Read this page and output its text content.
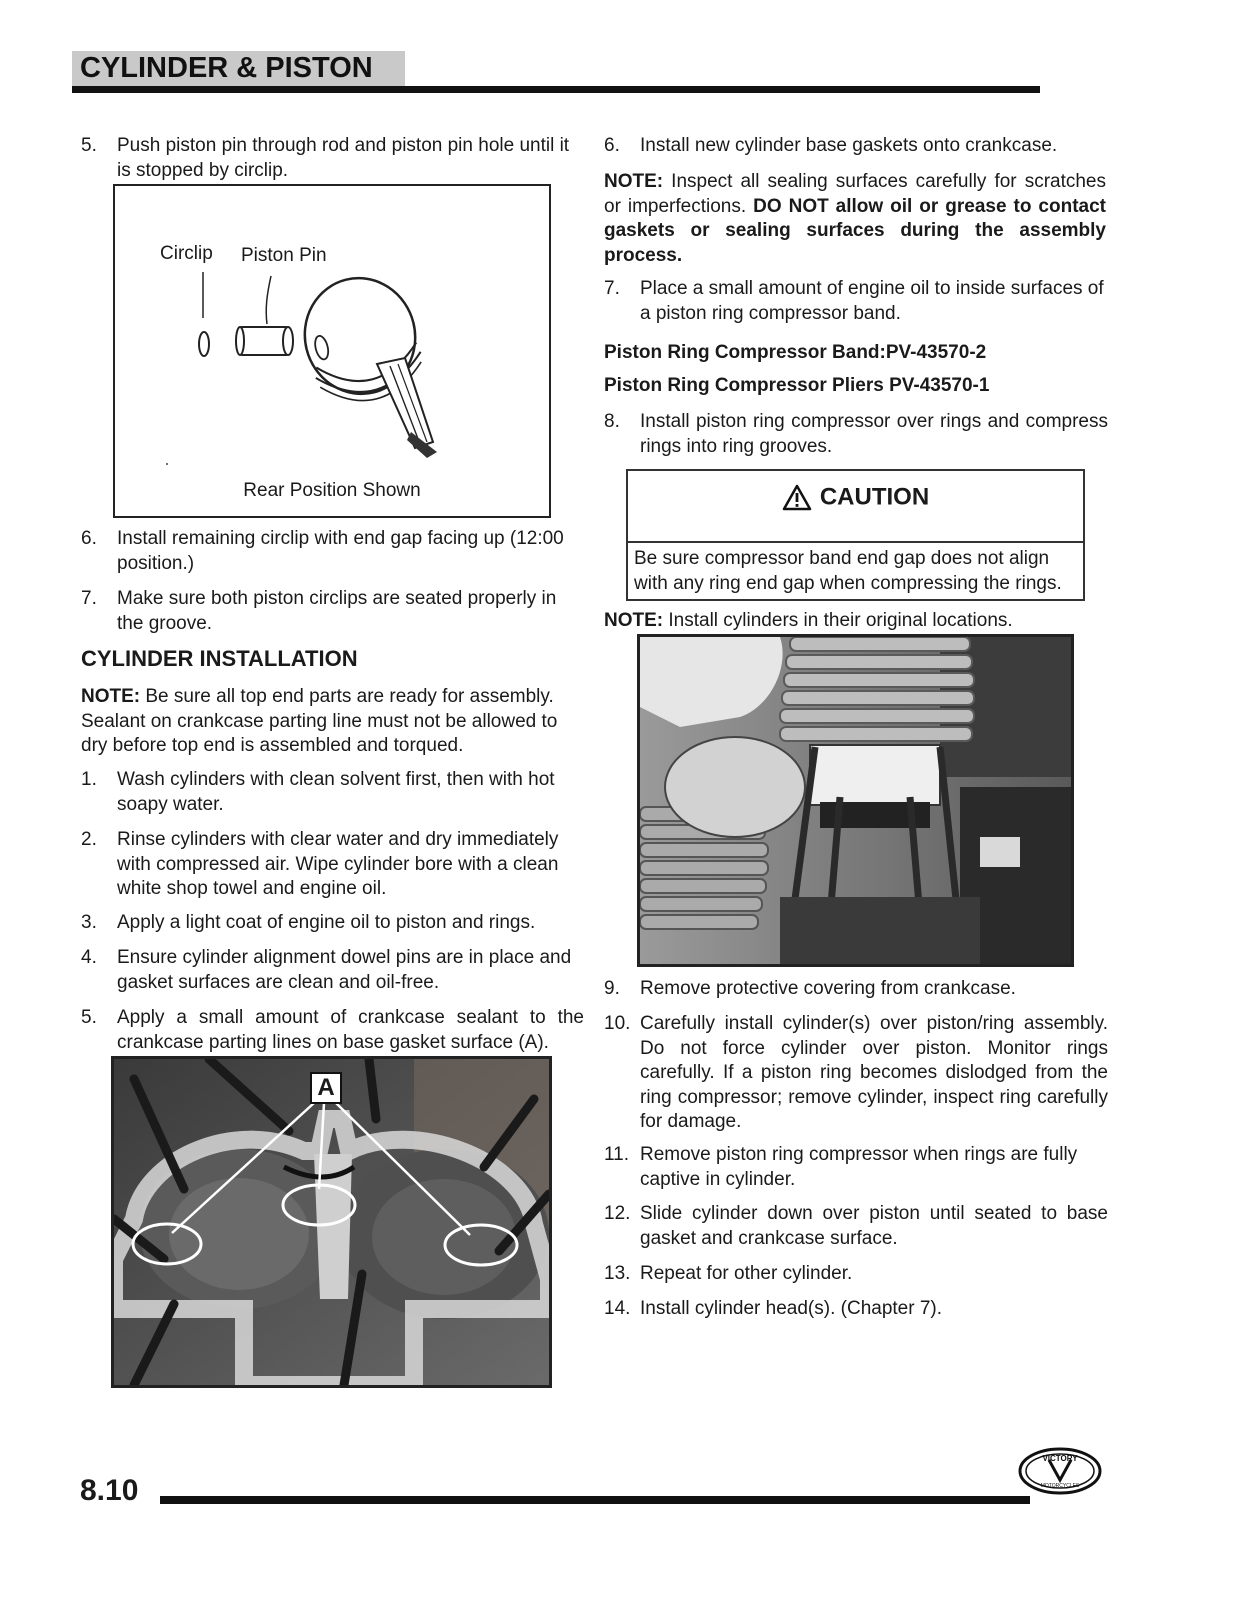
CYLINDER & PISTON
5.	Push piston pin through rod and piston pin hole until it is stopped by circlip.
Circlip Piston Pin
Rear Position Shown
6.	Install remaining circlip with end gap facing up (12:00 position.)
7.	Make sure both piston circlips are seated properly in the groove.
CYLINDER INSTALLATION
NOTE: Be sure all top end parts are ready for assembly. Sealant on crankcase parting line must not be allowed to dry before top end is assembled and torqued.
1.	Wash cylinders with clean solvent first, then with hot soapy water.
2.	Rinse cylinders with clear water and dry immediately with compressed air. Wipe cylinder bore with a clean white shop towel and engine oil.
3.	Apply a light coat of engine oil to piston and rings.
4.	Ensure cylinder alignment dowel pins are in place and gasket surfaces are clean and oil-free.
5.	Apply a small amount of crankcase sealant to the crankcase parting lines on base gasket surface (A).
A
6.	Install new cylinder base gaskets onto crankcase.
NOTE: Inspect all sealing surfaces carefully for scratches or imperfections. DO NOT allow oil or grease to contact gaskets or sealing surfaces during the assembly process.
7.	Place a small amount of engine oil to inside surfaces of a piston ring compressor band.
Piston Ring Compressor Band:PV-43570-2
Piston Ring Compressor Pliers PV-43570-1
8.	Install piston ring compressor over rings and compress rings into ring grooves.
CAUTION
Be sure compressor band end gap does not align with any ring end gap when compressing the rings.
NOTE: Install cylinders in their original locations.
9.	Remove protective covering from crankcase.
10. Carefully install cylinder(s) over piston/ring assembly. Do not force cylinder over piston. Monitor rings carefully. If a piston ring becomes dislodged from the ring compressor; remove cylinder, inspect ring carefully for damage.
11. Remove piston ring compressor when rings are fully captive in cylinder.
12. Slide cylinder down over piston until seated to base gasket and crankcase surface.
13. Repeat for other cylinder.
14. Install cylinder head(s). (Chapter 7).
8.10
VICTORY
MOTORCYCLES
